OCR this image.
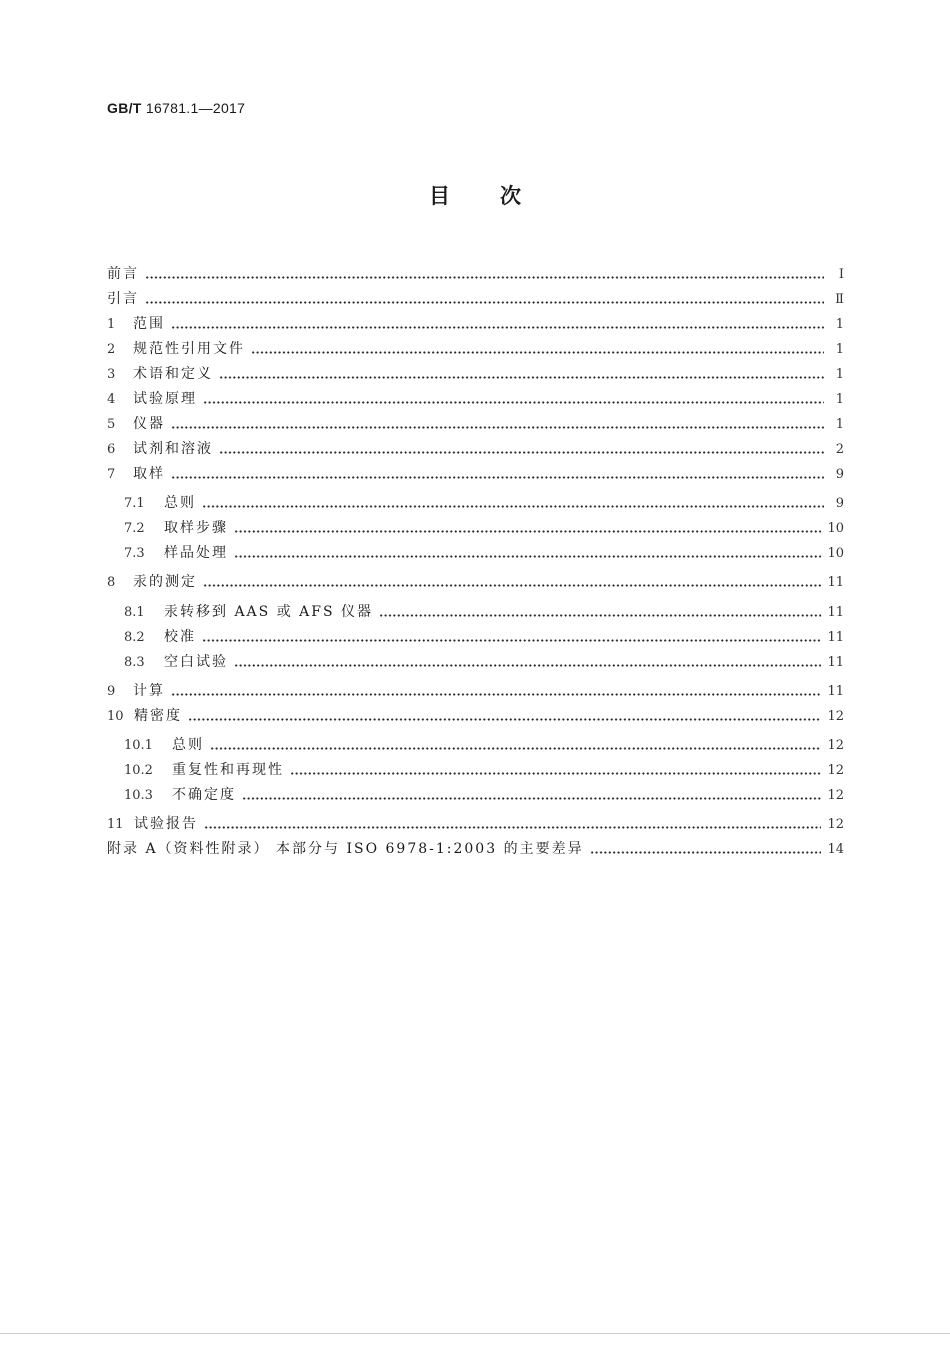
GB/T 16781.1—2017
目次
前言	Ⅰ
引言	Ⅱ
1	范围	1
2	规范性引用文件	1
3	术语和定义	1
4	试验原理	1
5	仪器	1
6	试剂和溶液	2
7	取样	9
7.1	总则	9
7.2	取样步骤	10
7.3	样品处理	10
8	汞的测定	11
8.1	汞转移到 AAS 或 AFS 仪器	11
8.2	校准	11
8.3	空白试验	11
9	计算	11
10 精密度	12
10.1	总则	12
10.2	重复性和再现性	12
10.3	不确定度	12
11 试验报告	12
附录 A（资料性附录） 本部分与 ISO 6978-1:2003 的主要差异	14
